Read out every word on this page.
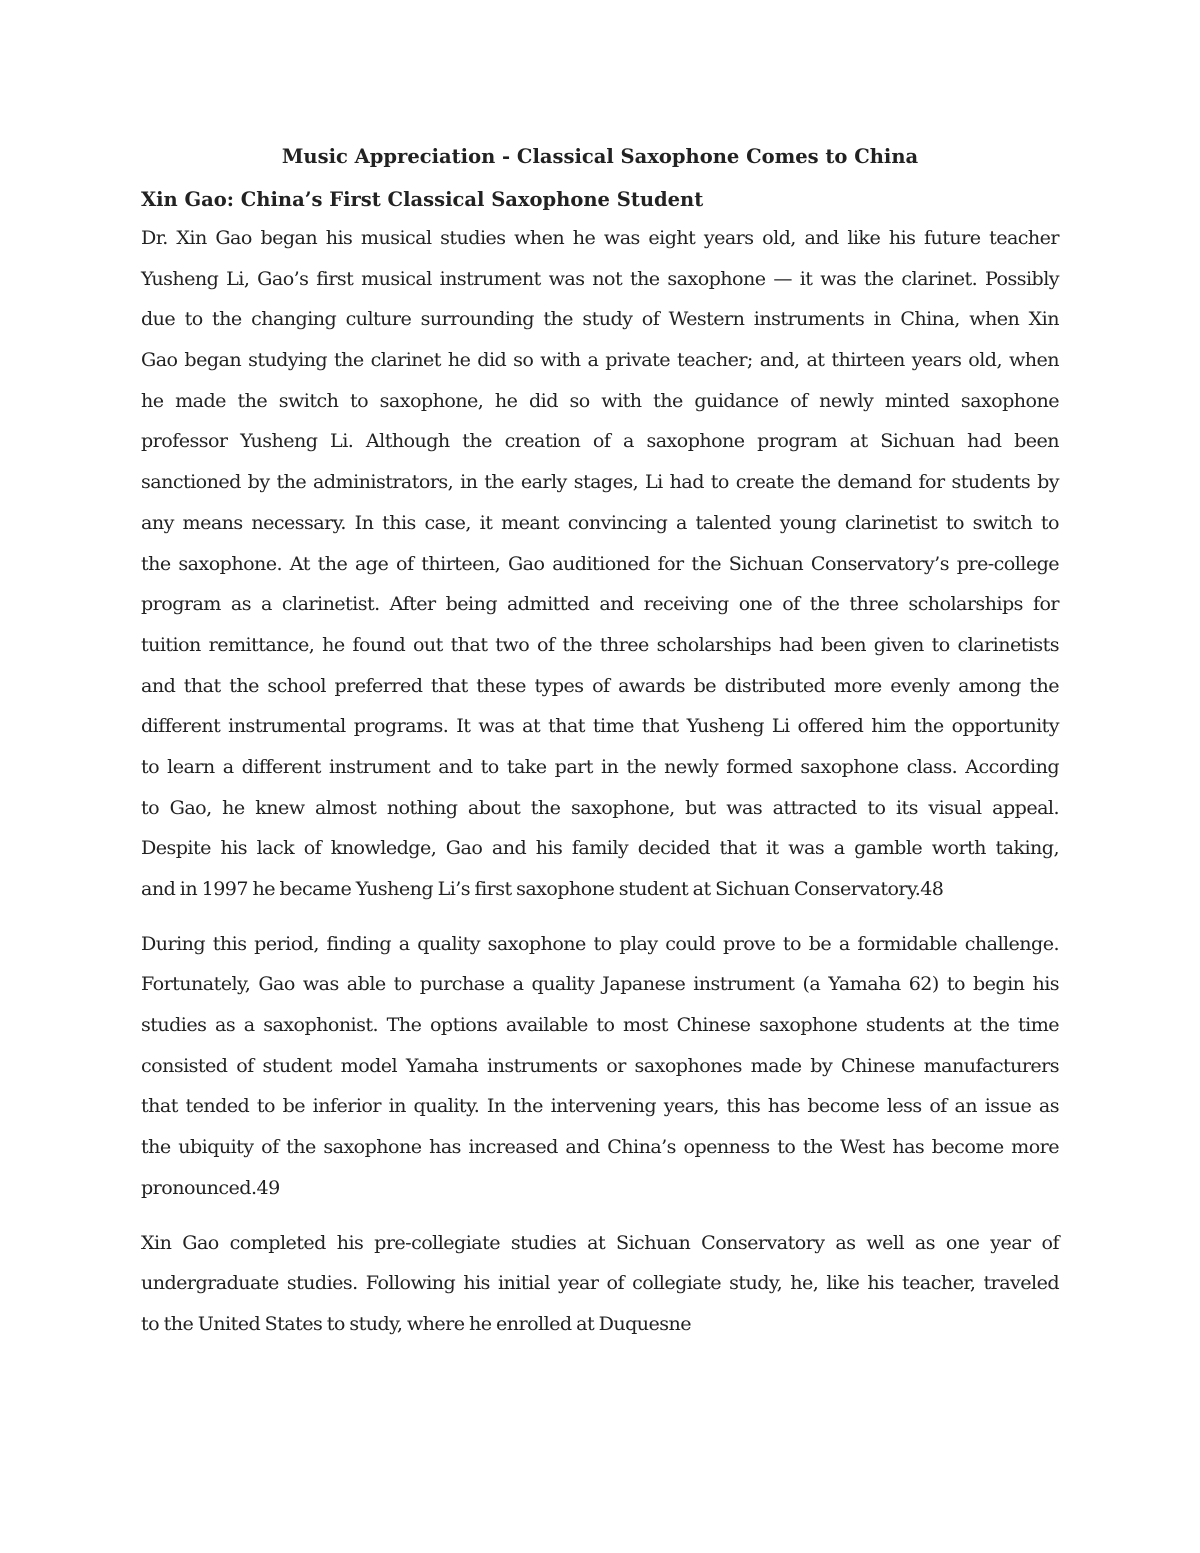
Music Appreciation - Classical Saxophone Comes to China
Xin Gao: China’s First Classical Saxophone Student

Dr. Xin Gao began his musical studies when he was eight years old, and like his future teacher
Yusheng Li, Gao’s first musical instrument was not the saxophone — it was the clarinet. Possibly
due to the changing culture surrounding the study of Western instruments in China, when Xin
Gao began studying the clarinet he did so with a private teacher; and, at thirteen years old, when
he made the switch to saxophone, he did so with the guidance of newly minted saxophone
professor Yusheng Li. Although the creation of a saxophone program at Sichuan had been
sanctioned by the administrators, in the early stages, Li had to create the demand for students by
any means necessary. In this case, it meant convincing a talented young clarinetist to switch to
the saxophone. At the age of thirteen, Gao auditioned for the Sichuan Conservatory’s pre-college
program as a clarinetist. After being admitted and receiving one of the three scholarships for
tuition remittance, he found out that two of the three scholarships had been given to clarinetists
and that the school preferred that these types of awards be distributed more evenly among the
different instrumental programs. It was at that time that Yusheng Li offered him the opportunity
to learn a different instrument and to take part in the newly formed saxophone class. According
to Gao, he knew almost nothing about the saxophone, but was attracted to its visual appeal.
Despite his lack of knowledge, Gao and his family decided that it was a gamble worth taking,
and in 1997 he became Yusheng Li’s first saxophone student at Sichuan Conservatory.48

During this period, finding a quality saxophone to play could prove to be a formidable challenge.
Fortunately, Gao was able to purchase a quality Japanese instrument (a Yamaha 62) to begin his
studies as a saxophonist. The options available to most Chinese saxophone students at the time
consisted of student model Yamaha instruments or saxophones made by Chinese manufacturers
that tended to be inferior in quality. In the intervening years, this has become less of an issue as
the ubiquity of the saxophone has increased and China’s openness to the West has become more
pronounced.49

Xin Gao completed his pre-collegiate studies at Sichuan Conservatory as well as one year of
undergraduate studies. Following his initial year of collegiate study, he, like his teacher, traveled
to the United States to study, where he enrolled at Duquesne
